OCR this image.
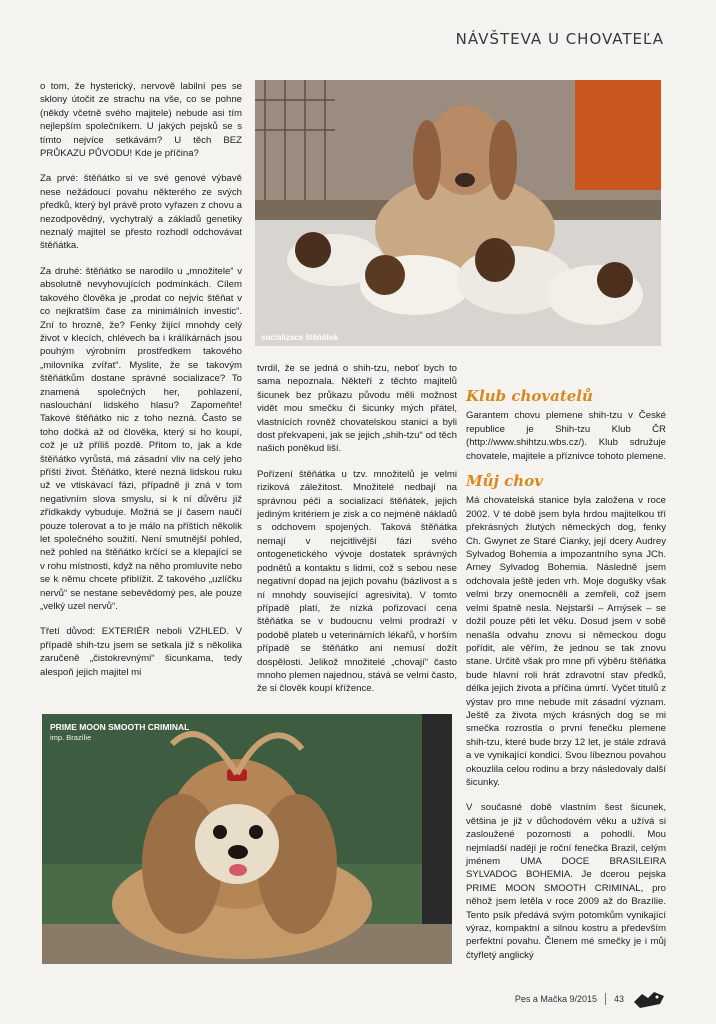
NÁVŠTEVA U CHOVATEĽA

o tom, že hysterický, nervově labilní pes se sklony útočit ze strachu na vše, co se pohne (někdy včetně svého majitele) nebude asi tím nejlepším společníkem. U jakých pejsků se s tímto nejvíce setkávám? U těch BEZ PRŮKAZU PŮVODU! Kde je příčina?

Za prvé: štěňátko si ve své genové výbavě nese nežádoucí povahu některého ze svých předků, který byl právě proto vyřazen z chovu a nezodpovědný, vychytralý a základů genetiky neznalý majitel se přesto rozhodl odchovávat štěňátka.

Za druhé: štěňátko se narodilo u „množitele“ v absolutně nevyhovujících podmínkách. Cílem takového člověka je „prodat co nejvíc štěňat v co nejkratším čase za minimálních investic“. Zní to hrozně, že? Fenky žijící mnohdy celý život v klecích, chlévech ba i králíkárnách jsou pouhým výrobním prostředkem takového „milovníka zvířat“. Myslite, že se takovým štěňátkům dostane správné socializace? To znamená společných her, pohlazení, naslouchání lidského hlasu? Zapomeňte! Takové štěňátko nic z toho nezná. Často se toho dočká až od člověka, který si ho koupí, což je už příliš pozdě. Přitom to, jak a kde štěňátko vyrůstá, má zásadní vliv na celý jeho příští život. Štěňátko, které nezná lidskou ruku už ve vtiskávací fázi, případně ji zná v tom negativním slova smyslu, si k ní důvěru již zřídkakdy vybuduje. Možná se jí časem naučí pouze tolerovat a to je málo na příštích několik let společného soužití. Není smutnější pohled, než pohled na štěňátko krčící se a klepající se v rohu místnosti, když na něho promluvíte nebo se k němu chcete přiblížit. Z takového „uzlíčku nervů“ se nestane sebevědomý pes, ale pouze „velký uzel nervů“.

Třetí důvod: EXTERIÉR neboli VZHLED. V případě shih-tzu jsem se setkala již s několika zaručeně „čistokrevnými“ šicunkama, tedy alespoň jejich majitel mi

socializace štěňátek

tvrdil, že se jedná o shih-tzu, neboť bych to sama nepoznala. Někteří z těchto majitelů šicunek bez průkazu původu měli možnost vidět mou smečku či šicunky mých přátel, vlastnících rovněž chovatelskou stanici a byli dost překvapeni, jak se jejich „shih-tzu“ od těch našich poněkud liší.

Pořízení štěňátka u tzv. množitelů je velmi riziková záležitost. Množitelé nedbají na správnou péči a socializaci štěňátek, jejich jediným kritériem je zisk a co nejméně nákladů s odchovem spojených. Taková štěňátka nemají v nejcitlivější fázi svého ontogenetického vývoje dostatek správných podnětů a kontaktu s lidmi, což s sebou nese negativní dopad na jejich povahu (bázlivost a s ní mnohdy související agresivita). V tomto případě platí, že nízká pořizovací cena štěňátka se v budoucnu velmi prodraží v podobě plateb u veterinárních lékařů, v horším případě se štěňátko ani nemusí dožít dospělosti. Jelikož množitelé „chovají“ často mnoho plemen najednou, stává se velmi často, že si člověk koupí křížence.

Klub chovatelů

Garantem chovu plemene shih-tzu v České republice je Shih-tzu Klub ČR (http://www.shihtzu.wbs.cz/). Klub sdružuje chovatele, majitele a příznivce tohoto plemene.

Můj chov

Má chovatelská stanice byla založena v roce 2002. V té době jsem byla hrdou majitelkou tří překrásných žlutých německých dog, fenky Ch. Gwynet ze Staré Cianky, její dcery Audrey Sylvadog Bohemia a impozantního syna JCh. Arney Sylvadog Bohemia. Následně jsem odchovala ještě jeden vrh. Moje dogušky však velmi brzy onemocněli a zemřeli, což jsem velmi špatně nesla. Nejstarší – Arnýsek – se dožil pouze pěti let věku. Dosud jsem v sobě nenašla odvahu znovu si německou dogu pořídit, ale věřím, že jednou se tak znovu stane. Určitě však pro mne při výběru štěňátka bude hlavní roli hrát zdravotní stav předků, délka jejich života a příčina úmrtí. Vyčet titulů z výstav pro mne nebude mít zásadní význam. Ještě za života mých krásných dog se mi smečka rozrostla o první fenečku plemene shih-tzu, které bude brzy 12 let, je stále zdravá a ve vynikající kondici. Svou líbeznou povahou okouzlila celou rodinu a brzy následovaly další šicunky.

V současné době vlastním šest šicunek, většina je již v důchodovém věku a užívá si zasloužené pozornosti a pohodlí. Mou nejmladší nadějí je roční fenečka Brazil, celým jménem UMA DOCE BRASILEIRA SYLVADOG BOHEMIA. Je dcerou pejska PRIME MOON SMOOTH CRIMINAL, pro něhož jsem letěla v roce 2009 až do Brazílie. Tento psík předává svým potomkům vynikající výraz, kompaktní a silnou kostru a především perfektní povahu. Členem mé smečky je i můj čtyřletý anglický

PRIME MOON SMOOTH CRIMINAL
imp. Brazílie
Pes a Mačka 9/2015 43
